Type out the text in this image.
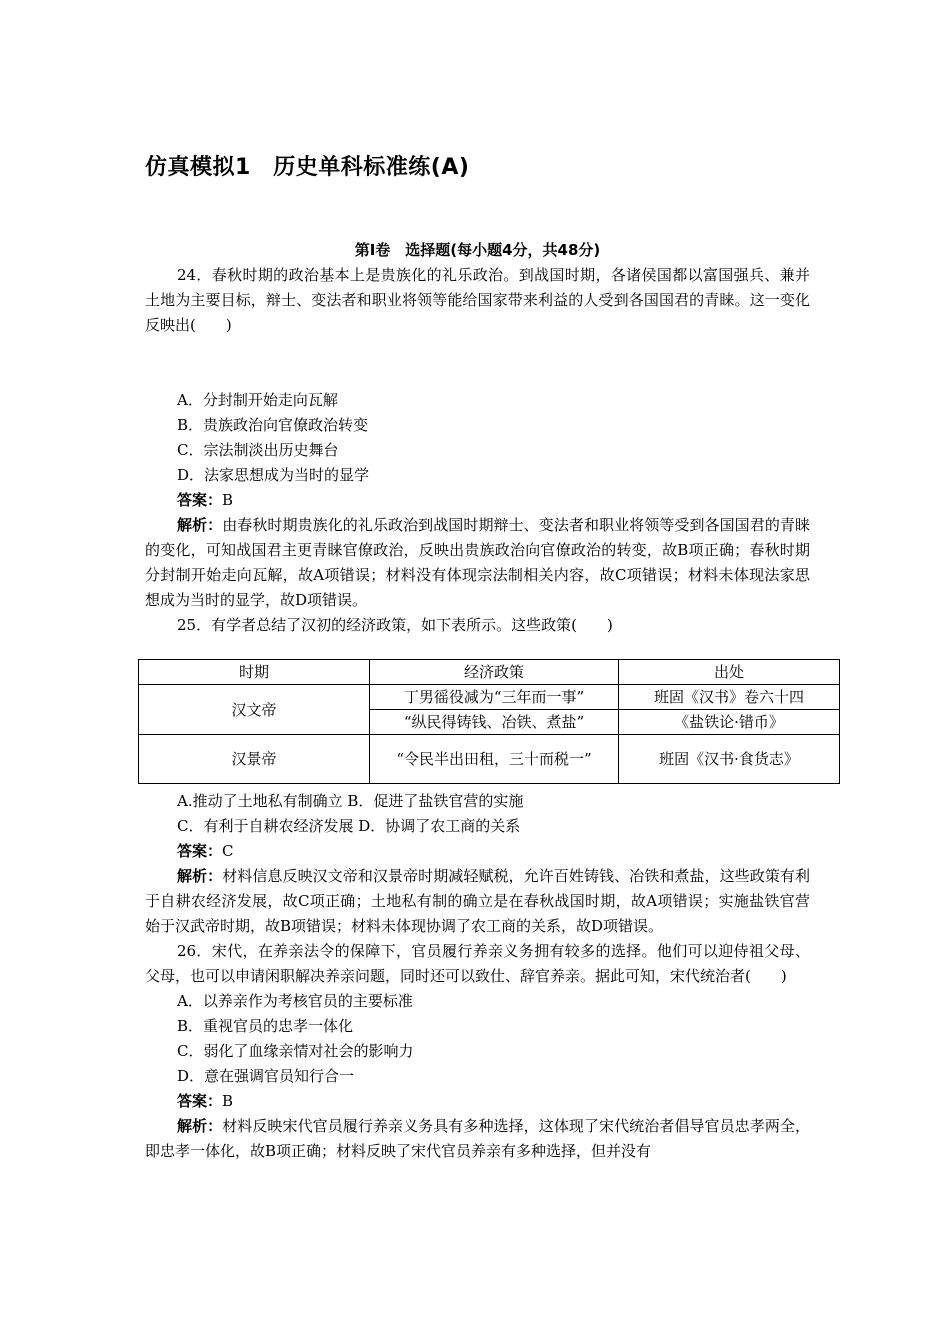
仿真模拟1　历史单科标准练(A)
第Ⅰ卷　选择题(每小题4分，共48分)

24．春秋时期的政治基本上是贵族化的礼乐政治。到战国时期，各诸侯国都以富国强兵、兼并土地为主要目标，辩士、变法者和职业将领等能给国家带来利益的人受到各国国君的青睐。这一变化反映出(　　)

A．分封制开始走向瓦解

B．贵族政治向官僚政治转变

C．宗法制淡出历史舞台

D．法家思想成为当时的显学

答案：B

解析：由春秋时期贵族化的礼乐政治到战国时期辩士、变法者和职业将领等受到各国国君的青睐的变化，可知战国君主更青睐官僚政治，反映出贵族政治向官僚政治的转变，故B项正确；春秋时期分封制开始走向瓦解，故A项错误；材料没有体现宗法制相关内容，故C项错误；材料未体现法家思想成为当时的显学，故D项错误。

25．有学者总结了汉初的经济政策，如下表所示。这些政策(　　)

时期	经济政策	出处
汉文帝	丁男徭役减为“三年而一事”	班固《汉书》卷六十四
	“纵民得铸钱、冶铁、煮盐”	《盐铁论·错币》
汉景帝	“令民半出田租，三十而税一”	班固《汉书·食货志》

A.推动了土地私有制确立 B．促进了盐铁官营的实施

C．有利于自耕农经济发展 D．协调了农工商的关系

答案：C

解析：材料信息反映汉文帝和汉景帝时期减轻赋税，允许百姓铸钱、冶铁和煮盐，这些政策有利于自耕农经济发展，故C项正确；土地私有制的确立是在春秋战国时期，故A项错误；实施盐铁官营始于汉武帝时期，故B项错误；材料未体现协调了农工商的关系，故D项错误。

26．宋代，在养亲法令的保障下，官员履行养亲义务拥有较多的选择。他们可以迎侍祖父母、父母，也可以申请闲职解决养亲问题，同时还可以致仕、辞官养亲。据此可知，宋代统治者(　　)

A．以养亲作为考核官员的主要标准

B．重视官员的忠孝一体化

C．弱化了血缘亲情对社会的影响力

D．意在强调官员知行合一

答案：B

解析：材料反映宋代官员履行养亲义务具有多种选择，这体现了宋代统治者倡导官员忠孝两全，即忠孝一体化，故B项正确；材料反映了宋代官员养亲有多种选择，但并没有
